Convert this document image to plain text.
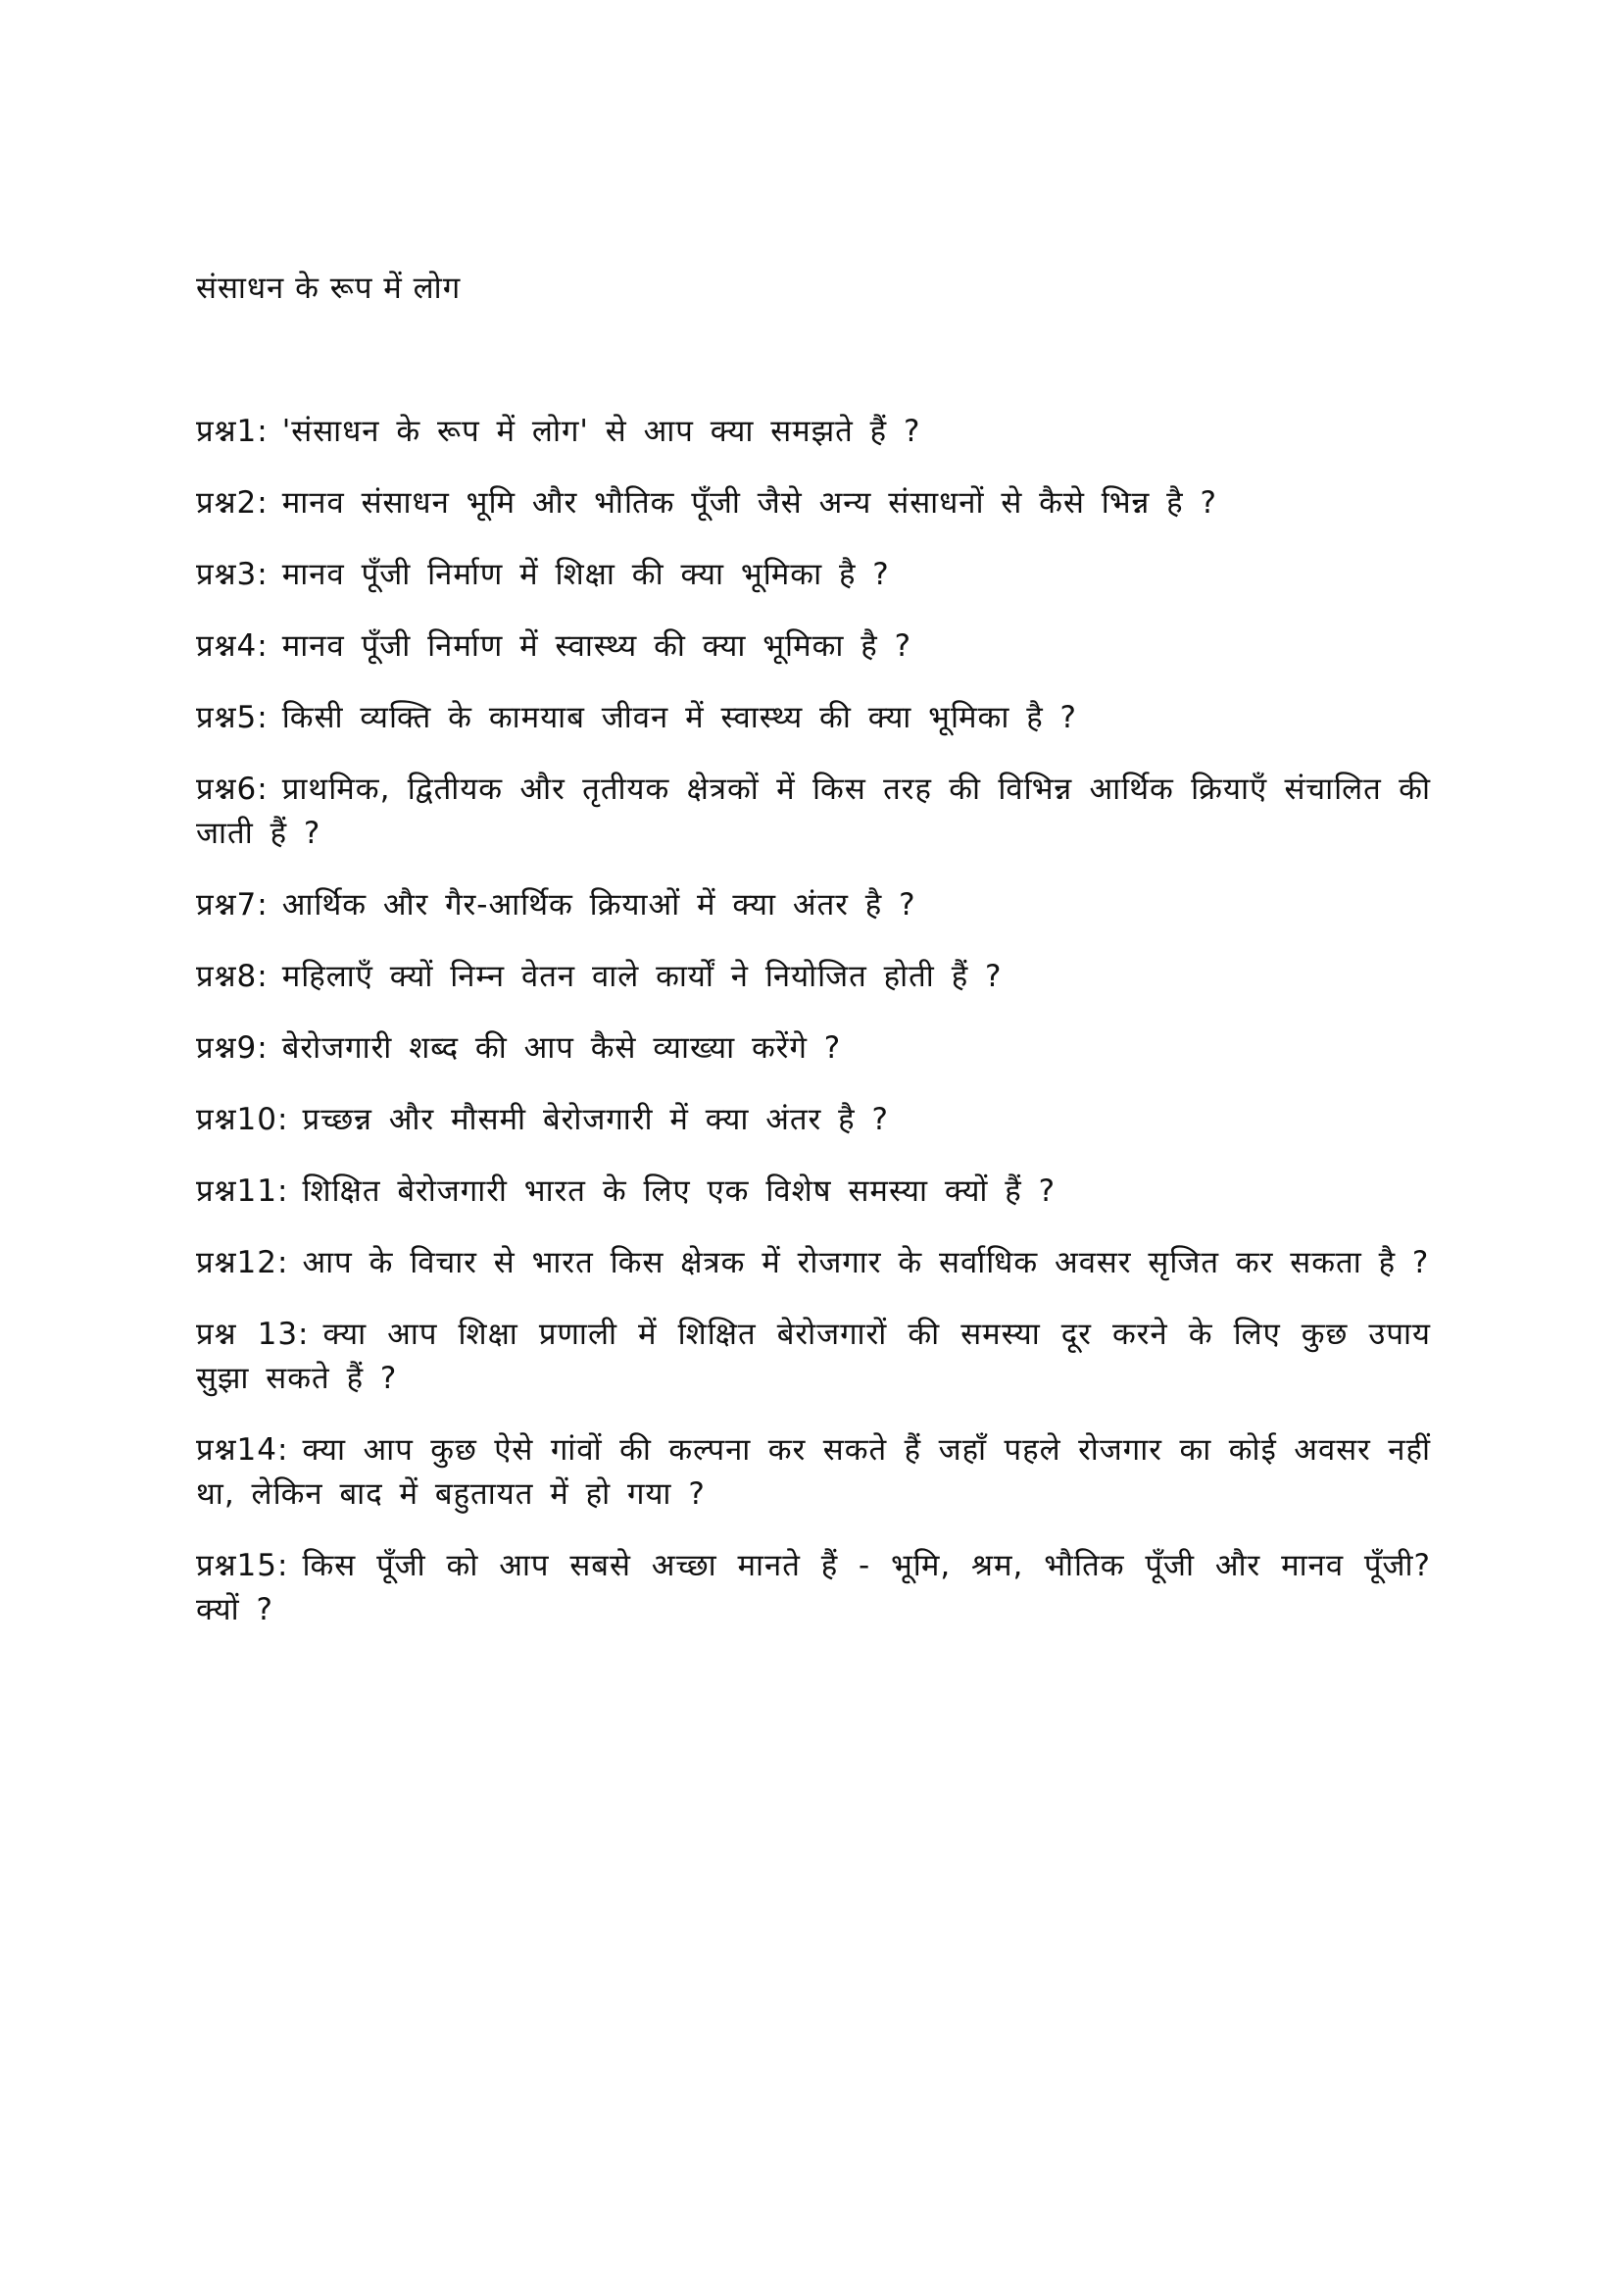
संसाधन के रूप में लोग
प्रश्न1: 'संसाधन के रूप में लोग' से आप क्या समझते हैं ?
प्रश्न2: मानव संसाधन भूमि और भौतिक पूँजी जैसे अन्य संसाधनों से कैसे भिन्न है ?
प्रश्न3: मानव पूँजी निर्माण में शिक्षा की क्या भूमिका है ?
प्रश्न4: मानव पूँजी निर्माण में स्वास्थ्य की क्या भूमिका है ?
प्रश्न5: किसी व्यक्ति के कामयाब जीवन में स्वास्थ्य की क्या भूमिका है ?
प्रश्न6: प्राथमिक, द्वितीयक और तृतीयक क्षेत्रकों में किस तरह की विभिन्न आर्थिक क्रियाएँ संचालित की जाती हैं ?
प्रश्न7: आर्थिक और गैर-आर्थिक क्रियाओं में क्या अंतर है ?
प्रश्न8: महिलाएँ क्यों निम्न वेतन वाले कार्यों ने नियोजित होती हैं ?
प्रश्न9: बेरोजगारी शब्द की आप कैसे व्याख्या करेंगे ?
प्रश्न10: प्रच्छन्न और मौसमी बेरोजगारी में क्या अंतर है ?
प्रश्न11: शिक्षित बेरोजगारी भारत के लिए एक विशेष समस्या क्यों हैं ?
प्रश्न12: आप के विचार से भारत किस क्षेत्रक में रोजगार के सर्वाधिक अवसर सृजित कर सकता है ?
प्रश्न 13: क्या आप शिक्षा प्रणाली में शिक्षित बेरोजगारों की समस्या दूर करने के लिए कुछ उपाय सुझा सकते हैं ?
प्रश्न14: क्या आप कुछ ऐसे गांवों की कल्पना कर सकते हैं जहाँ पहले रोजगार का कोई अवसर नहीं था, लेकिन बाद में बहुतायत में हो गया ?
प्रश्न15: किस पूँजी को आप सबसे अच्छा मानते हैं - भूमि, श्रम, भौतिक पूँजी और मानव पूँजी? क्यों ?
